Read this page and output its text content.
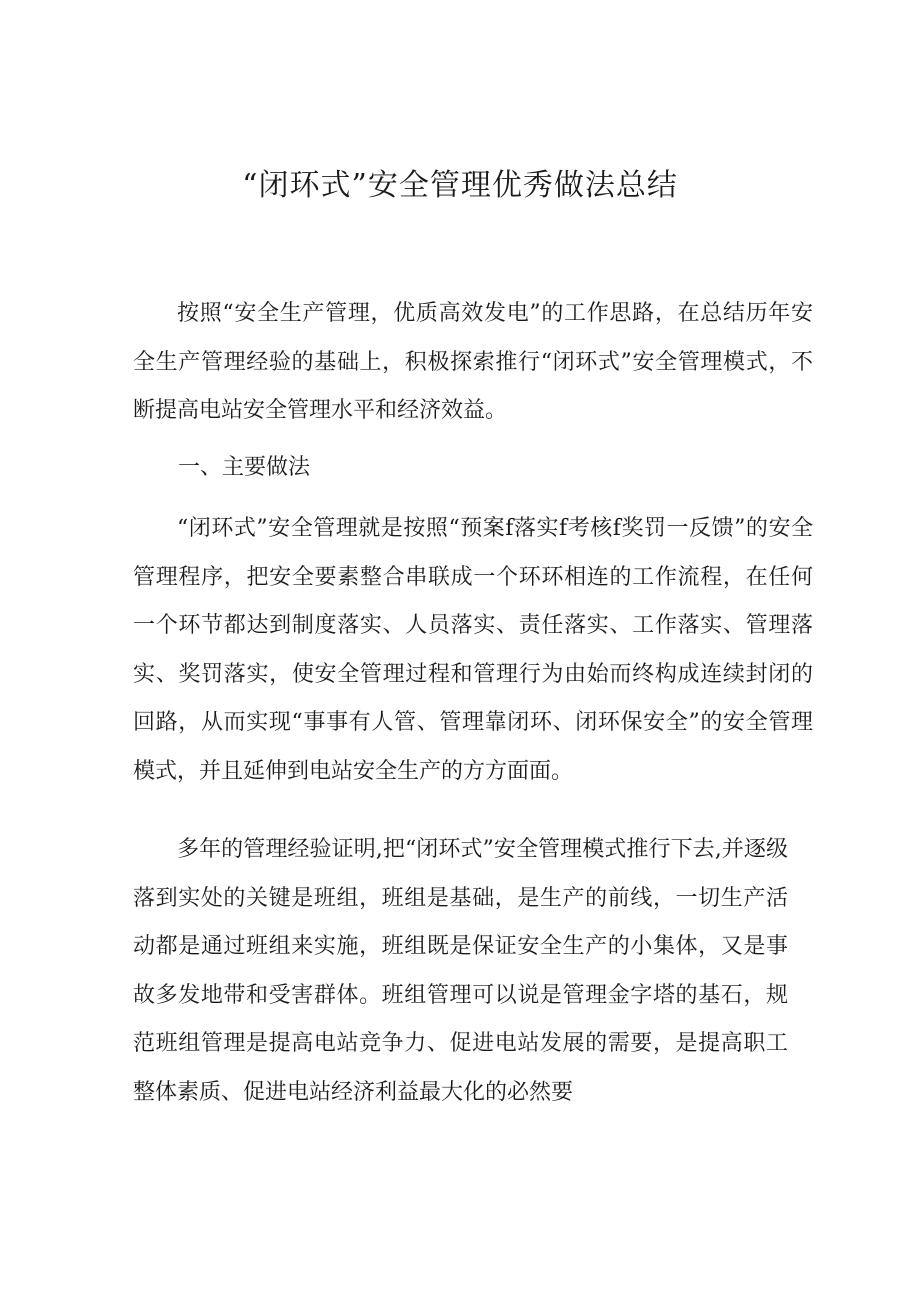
“闭环式”安全管理优秀做法总结

按照“安全生产管理，优质高效发电”的工作思路，在总结历年安全生产管理经验的基础上，积极探索推行“闭环式”安全管理模式，不断提高电站安全管理水平和经济效益。

一、主要做法

“闭环式”安全管理就是按照“预案f落实f考核f奖罚一反馈”的安全管理程序，把安全要素整合串联成一个环环相连的工作流程，在任何一个环节都达到制度落实、人员落实、责任落实、工作落实、管理落实、奖罚落实，使安全管理过程和管理行为由始而终构成连续封闭的回路，从而实现“事事有人管、管理靠闭环、闭环保安全”的安全管理模式，并且延伸到电站安全生产的方方面面。

多年的管理经验证明,把“闭环式”安全管理模式推行下去,并逐级落到实处的关键是班组，班组是基础，是生产的前线，一切生产活动都是通过班组来实施，班组既是保证安全生产的小集体，又是事故多发地带和受害群体。班组管理可以说是管理金字塔的基石，规范班组管理是提高电站竞争力、促进电站发展的需要，是提高职工整体素质、促进电站经济利益最大化的必然要
